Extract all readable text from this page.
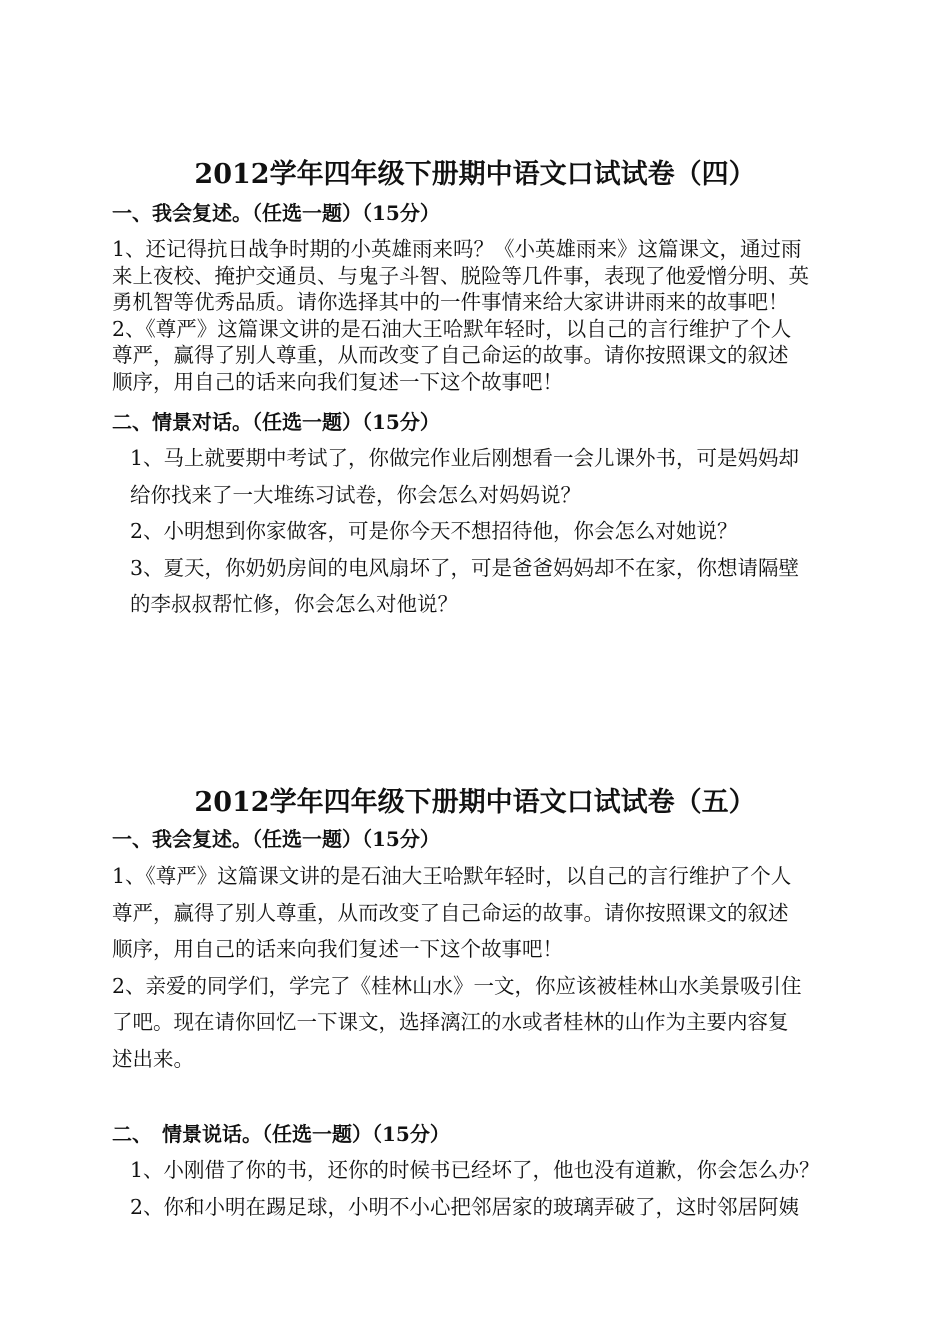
2012学年四年级下册期中语文口试试卷（四）
一、我会复述。（任选一题）（15分）

1、还记得抗日战争时期的小英雄雨来吗？《小英雄雨来》这篇课文，通过雨
来上夜校、掩护交通员、与鬼子斗智、脱险等几件事，表现了他爱憎分明、英
勇机智等优秀品质。请你选择其中的一件事情来给大家讲讲雨来的故事吧！
2、《尊严》这篇课文讲的是石油大王哈默年轻时，以自己的言行维护了个人
尊严，赢得了别人尊重，从而改变了自己命运的故事。请你按照课文的叙述
顺序，用自己的话来向我们复述一下这个故事吧！

二、情景对话。（任选一题）（15分）

1、马上就要期中考试了，你做完作业后刚想看一会儿课外书，可是妈妈却
给你找来了一大堆练习试卷，你会怎么对妈妈说？
2、小明想到你家做客，可是你今天不想招待他，你会怎么对她说？
3、夏天，你奶奶房间的电风扇坏了，可是爸爸妈妈却不在家，你想请隔壁
的李叔叔帮忙修，你会怎么对他说？

2012学年四年级下册期中语文口试试卷（五）
一、我会复述。（任选一题）（15分）

1、《尊严》这篇课文讲的是石油大王哈默年轻时，以自己的言行维护了个人
尊严，赢得了别人尊重，从而改变了自己命运的故事。请你按照课文的叙述
顺序，用自己的话来向我们复述一下这个故事吧！
2、亲爱的同学们，学完了《桂林山水》一文，你应该被桂林山水美景吸引住
了吧。现在请你回忆一下课文，选择漓江的水或者桂林的山作为主要内容复
述出来。

二、　情景说话。（任选一题）（15分）

1、小刚借了你的书，还你的时候书已经坏了，他也没有道歉，你会怎么办？
2、你和小明在踢足球，小明不小心把邻居家的玻璃弄破了，这时邻居阿姨
